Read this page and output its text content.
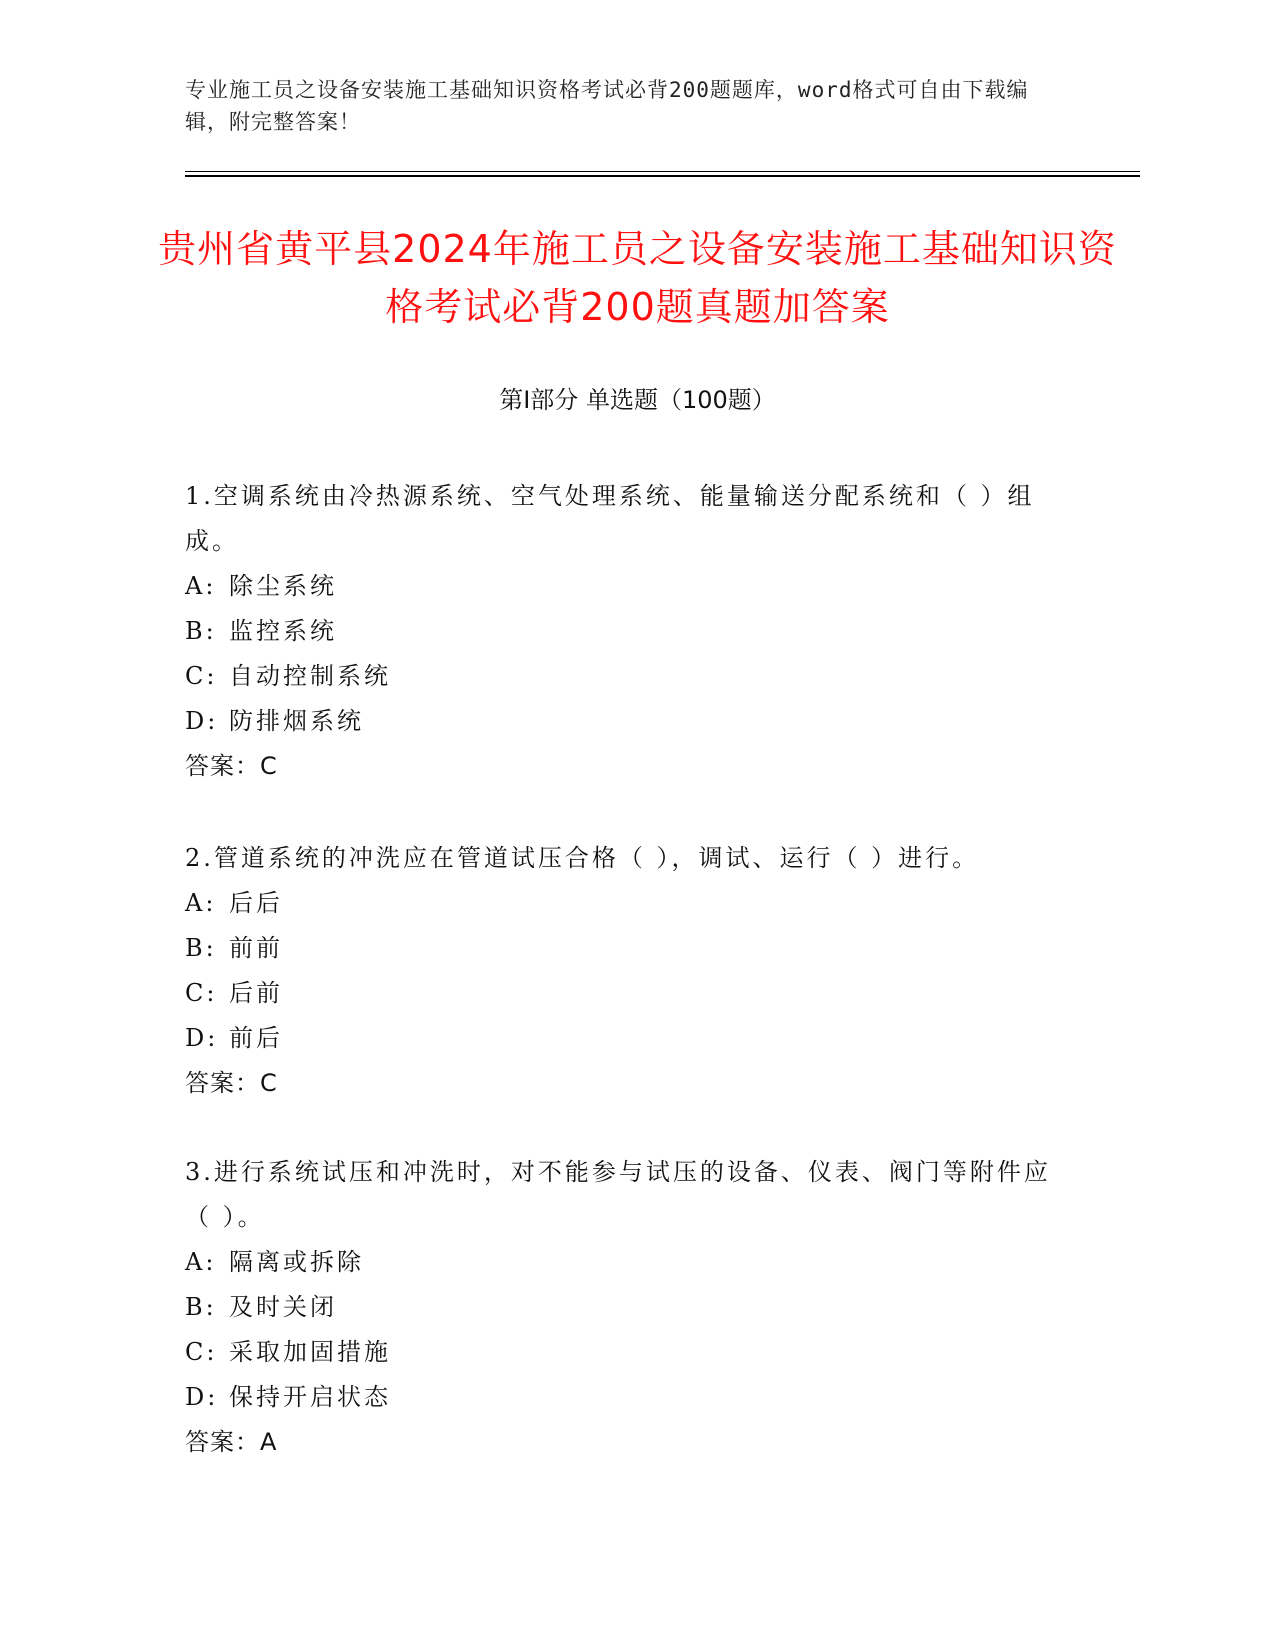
专业施工员之设备安装施工基础知识资格考试必背200题题库，word格式可自由下载编辑，附完整答案！
贵州省黄平县2024年施工员之设备安装施工基础知识资格考试必背200题真题加答案
第Ⅰ部分 单选题（100题）

1.空调系统由冷热源系统、空气处理系统、能量输送分配系统和（ ）组成。

A: 除尘系统

B: 监控系统

C: 自动控制系统

D: 防排烟系统

答案：C

2.管道系统的冲洗应在管道试压合格（ ），调试、运行（ ）进行。

A: 后后

B: 前前

C: 后前

D: 前后

答案：C

3.进行系统试压和冲洗时，对不能参与试压的设备、仪表、阀门等附件应（ ）。

A: 隔离或拆除

B: 及时关闭

C: 采取加固措施

D: 保持开启状态

答案：A
